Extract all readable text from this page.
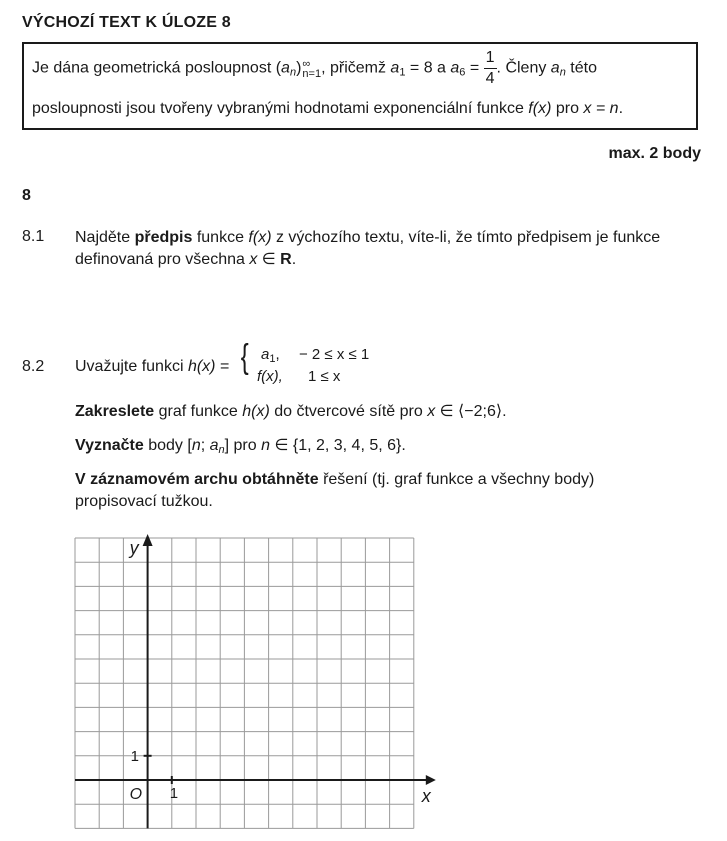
VÝCHOZÍ TEXT K ÚLOZE 8
Je dána geometrická posloupnost $(a_n)$ ∞
n=1 , přičemž $a_1 = 8$ a $a_6 = \frac{1}{4}$ . Členy $a_n$ této
posloupnosti jsou tvořeny vybranými hodnotami exponenciální funkce f(x) pro x = n.
max. 2 body
8
8.1 Najděte předpis funkce f(x) z výchozího textu, víte-li, že tímto předpisem je funkce
definovaná pro všechna x ∈ R.
8.2 Uvažujte funkci h(x) = { $a_1$, − 2 ≤ x ≤ 1
f(x), 1 ≤ x
Zakreslete graf funkce h(x) do čtvercové sítě pro x ∈ ⟨−2;6⟩.
Vyznačte body [n; $a_n$] pro n ∈ {1, 2, 3, 4, 5, 6}.
V záznamovém archu obtáhněte řešení (tj. graf funkce a všechny body)
propisovací tužkou.
y
x
O 1
1
